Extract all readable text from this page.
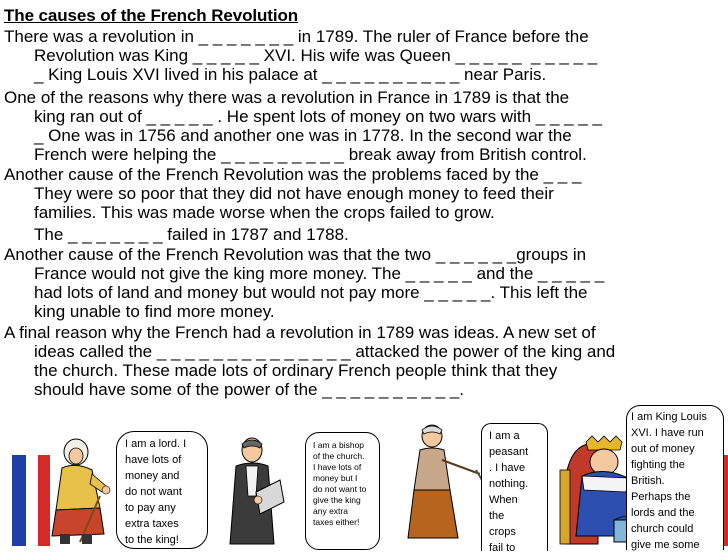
The causes of the French Revolution
There was a revolution in _ _ _ _ _ _ _ in 1789. The ruler of France before the
Revolution was King _ _ _ _ _ XVI. His wife was Queen _ _ _ _ _  _ _ _ _ _
_ King Louis XVI lived in his palace at _ _ _ _ _ _ _ _ _ _ near Paris.
One of the reasons why there was a revolution in France in 1789 is that the
king ran out of _ _ _ _ _ . He spent lots of money on two wars with _ _ _ _ _
_ One was in 1756 and another one was in 1778. In the second war the
French were helping the _ _ _ _ _ _ _ _ _ break away from British control.
Another cause of the French Revolution was the problems faced by the _ _ _
They were so poor that they did not have enough money to feed their
families. This was made worse when the crops failed to grow.
The _ _ _ _ _ _ _ failed in 1787 and 1788.
Another cause of the French Revolution was that the two _ _ _ _ _ _groups in
France would not give the king more money. The _ _ _ _ _ and the _ _ _ _ _
had lots of land and money but would not pay more _ _ _ _ _. This left the
king unable to find more money.
A final reason why the French had a revolution in 1789 was ideas. A new set of
ideas called the _ _ _ _ _ _ _ _ _ _ _ _ _ _ attacked the power of the king and
the church. These made lots of ordinary French people think that they
should have some of the power of the _ _ _ _ _ _ _ _ _ _.
I am a lord. I
have lots of
money and
do not want
to pay any
extra taxes
to the king!
I am a bishop
of the church.
I have lots of
money but I
do not want to
give the king
any extra
taxes either!
I am a
peasant
. I have
nothing.
When
the
crops
fail to
I am King Louis
XVI. I have run
out of money
fighting the
British.
Perhaps the
lords and the
church could
give me some
